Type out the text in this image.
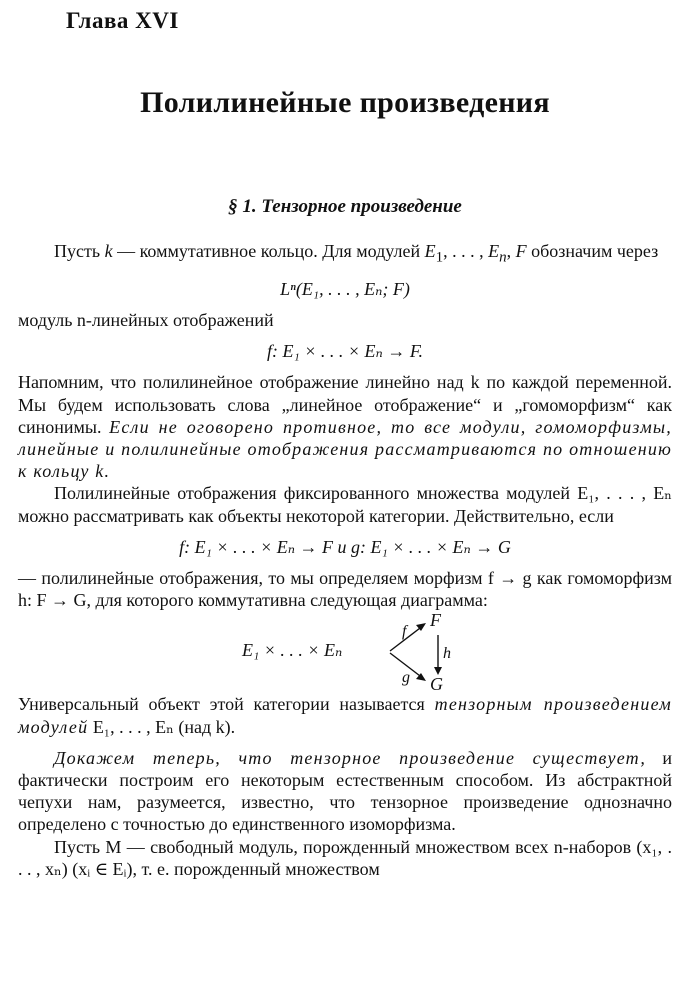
Глава XVI
Полилинейные произведения
§ 1. Тензорное произведение

Пусть k — коммутативное кольцо. Для модулей $E_1$, . . . , $E_n$, F обозначим через

Lⁿ(E₁, . . . , Eₙ; F)

модуль n-линейных отображений

f: E₁ × . . . × Eₙ → F.

Напомним, что полилинейное отображение линейно над k по каждой переменной. Мы будем использовать слова „линейное отображение“ и „гомоморфизм“ как синонимы. Если не оговорено противное, то все модули, гомоморфизмы, линейные и полилинейные отображения рассматриваются по отношению к кольцу k.

Полилинейные отображения фиксированного множества модулей E₁, . . . , Eₙ можно рассматривать как объекты некоторой категории. Действительно, если

f: E₁ × . . . × Eₙ → F и g: E₁ × . . . × Eₙ → G

— полилинейные отображения, то мы определяем морфизм f → g как гомоморфизм h: F → G, для которого коммутативна следующая диаграмма:

E₁ × . . . × Eₙ
F
G
f
g
h

Универсальный объект этой категории называется тензорным произведением модулей E₁, . . . , Eₙ (над k).

Докажем теперь, что тензорное произведение существует, и фактически построим его некоторым естественным способом. Из абстрактной чепухи нам, разумеется, известно, что тензорное произведение однозначно определено с точностью до единственного изоморфизма.

Пусть M — свободный модуль, порожденный множеством всех n-наборов (x₁, . . . , xₙ) (xᵢ ∈ Eᵢ), т. е. порожденный множеством
